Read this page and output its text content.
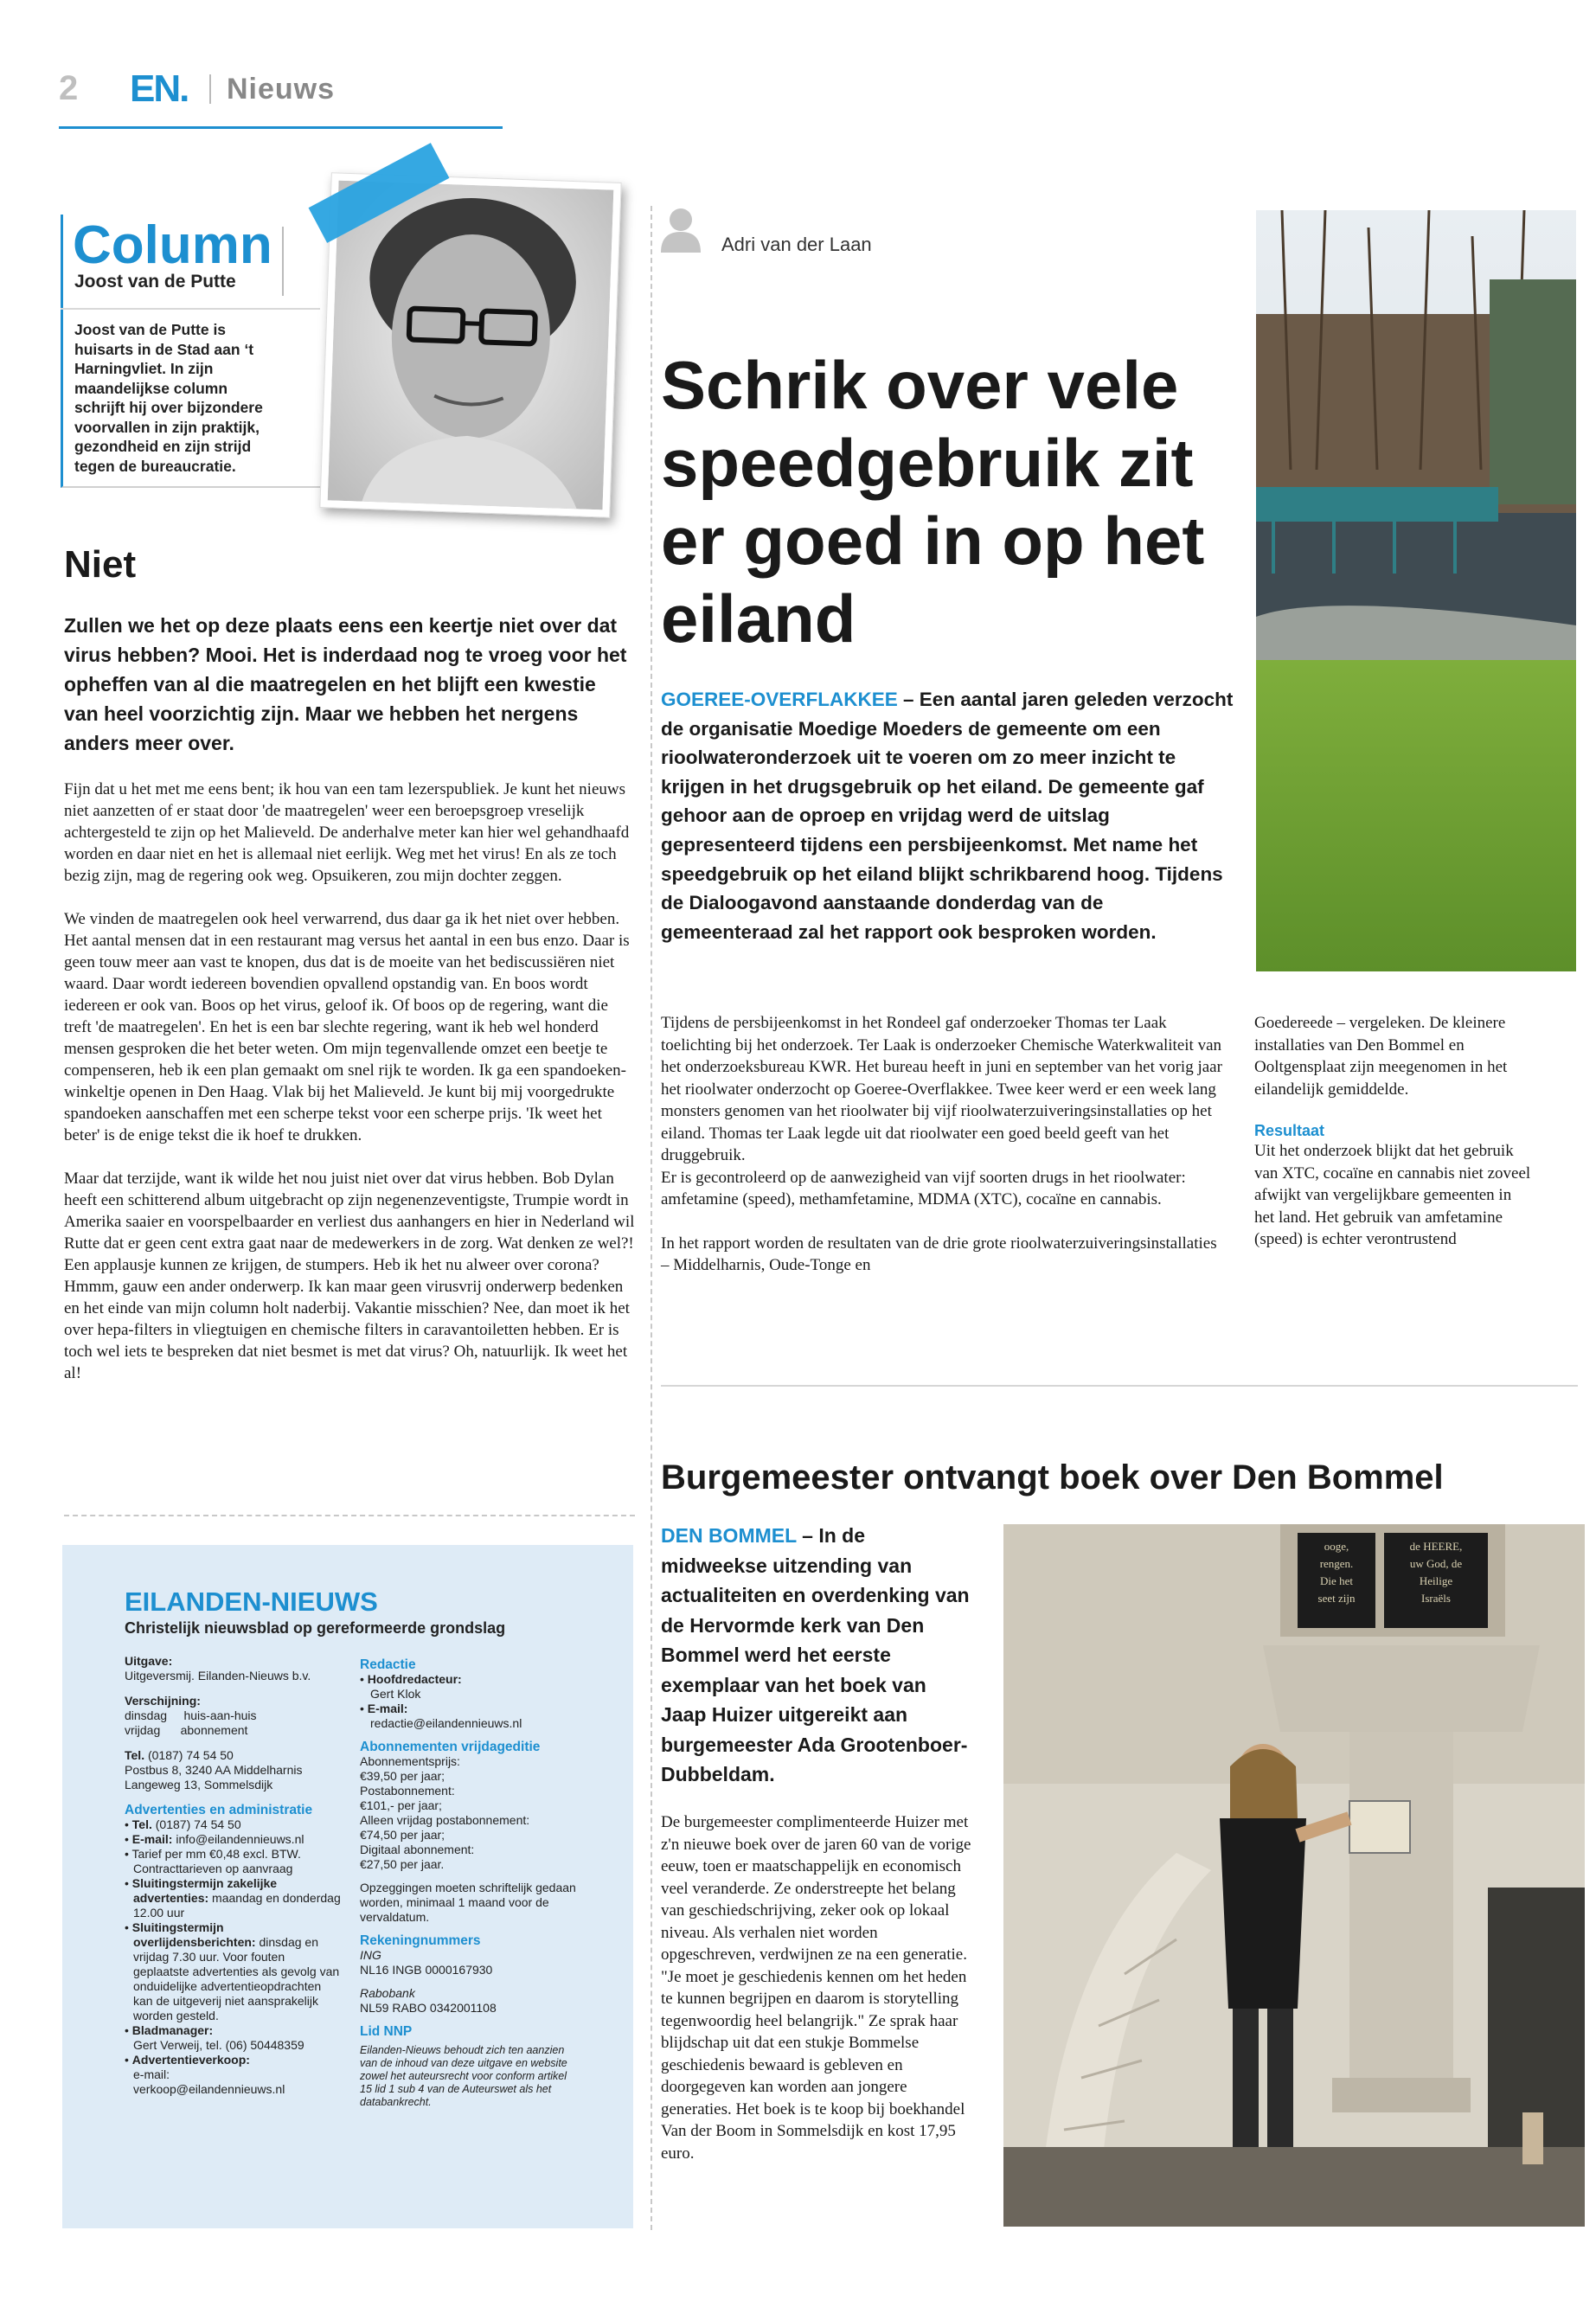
2 EN. Nieuws
Column
Joost van de Putte
Joost van de Putte is huisarts in de Stad aan ‘t Harningvliet. In zijn maandelijkse column schrijft hij over bijzondere voorvallen in zijn praktijk, gezondheid en zijn strijd tegen de bureaucratie.
Niet
Zullen we het op deze plaats eens een keertje niet over dat virus hebben? Mooi. Het is inderdaad nog te vroeg voor het opheffen van al die maatregelen en het blijft een kwestie van heel voorzichtig zijn. Maar we hebben het nergens anders meer over.

Fijn dat u het met me eens bent; ik hou van een tam lezerspubliek. Je kunt het nieuws niet aanzetten of er staat door 'de maatregelen' weer een beroepsgroep vreselijk achtergesteld te zijn op het Malieveld. De anderhalve meter kan hier wel gehandhaafd worden en daar niet en het is allemaal niet eerlijk. Weg met het virus! En als ze toch bezig zijn, mag de regering ook weg. Opsuikeren, zou mijn dochter zeggen.

We vinden de maatregelen ook heel verwarrend, dus daar ga ik het niet over hebben. Het aantal mensen dat in een restaurant mag versus het aantal in een bus enzo. Daar is geen touw meer aan vast te knopen, dus dat is de moeite van het bediscussiëren niet waard. Daar wordt iedereen bovendien opvallend opstandig van. En boos wordt iedereen er ook van. Boos op het virus, geloof ik. Of boos op de regering, want die treft 'de maatregelen'. En het is een bar slechte regering, want ik heb wel honderd mensen gesproken die het beter weten. Om mijn tegenvallende omzet een beetje te compenseren, heb ik een plan gemaakt om snel rijk te worden. Ik ga een spandoeken-winkeltje openen in Den Haag. Vlak bij het Malieveld. Je kunt bij mij voorgedrukte spandoeken aanschaffen met een scherpe tekst voor een scherpe prijs. 'Ik weet het beter' is de enige tekst die ik hoef te drukken.

Maar dat terzijde, want ik wilde het nou juist niet over dat virus hebben. Bob Dylan heeft een schitterend album uitgebracht op zijn negenenzeventigste, Trumpie wordt in Amerika saaier en voorspelbaarder en verliest dus aanhangers en hier in Nederland wil Rutte dat er geen cent extra gaat naar de medewerkers in de zorg. Wat denken ze wel?! Een applausje kunnen ze krijgen, de stumpers. Heb ik het nu alweer over corona? Hmmm, gauw een ander onderwerp. Ik kan maar geen virusvrij onderwerp bedenken en het einde van mijn column holt naderbij. Vakantie misschien? Nee, dan moet ik het over hepa-filters in vliegtuigen en chemische filters in caravantoiletten hebben. Er is toch wel iets te bespreken dat niet besmet is met dat virus? Oh, natuurlijk. Ik weet het al!

EILANDEN-NIEUWS
Christelijk nieuwsblad op gereformeerde grondslag
Uitgave:
Uitgeversmij. Eilanden-Nieuws b.v.
Verschijning:
dinsdag     huis-aan-huis
vrijdag      abonnement
Tel. (0187) 74 54 50
Postbus 8, 3240 AA Middelharnis
Langeweg 13, Sommelsdijk
Advertenties en administratie
• Tel. (0187) 74 54 50
• E-mail: info@eilandennieuws.nl
• Tarief per mm €0,48 excl. BTW. Contracttarieven op aanvraag
• Sluitingstermijn zakelijke advertenties: maandag en donderdag 12.00 uur
• Sluitingstermijn overlijdensberichten: dinsdag en vrijdag 7.30 uur. Voor fouten geplaatste advertenties als gevolg van onduidelijke advertentieopdrachten kan de uitgeverij niet aansprakelijk worden gesteld.
• Bladmanager:
Gert Verweij, tel. (06) 50448359
• Advertentieverkoop:
e-mail:
verkoop@eilandennieuws.nl
Redactie
• Hoofdredacteur:
Gert Klok
• E-mail:
redactie@eilandennieuws.nl
Abonnementen vrijdageditie
Abonnementsprijs:
€39,50 per jaar;
Postabonnement:
€101,- per jaar;
Alleen vrijdag postabonnement:
€74,50 per jaar;
Digitaal abonnement:
€27,50 per jaar.
Opzeggingen moeten schriftelijk gedaan worden, minimaal 1 maand voor de vervaldatum.
Rekeningnummers
ING
NL16 INGB 0000167930
Rabobank
NL59 RABO 0342001108
Lid NNP
Eilanden-Nieuws behoudt zich ten aanzien van de inhoud van deze uitgave en website zowel het auteursrecht voor conform artikel 15 lid 1 sub 4 van de Auteurswet als het databankrecht.
Adri van der Laan
Schrik over vele speedgebruik zit er goed in op het eiland
GOEREE-OVERFLAKKEE – Een aantal jaren geleden verzocht de organisatie Moedige Moeders de gemeente om een rioolwateronderzoek uit te voeren om zo meer inzicht te krijgen in het drugsgebruik op het eiland. De gemeente gaf gehoor aan de oproep en vrijdag werd de uitslag gepresenteerd tijdens een persbijeenkomst. Met name het speedgebruik op het eiland blijkt schrikbarend hoog. Tijdens de Dialoogavond aanstaande donderdag van de gemeenteraad zal het rapport ook besproken worden.

Tijdens de persbijeenkomst in het Rondeel gaf onderzoeker Thomas ter Laak toelichting bij het onderzoek. Ter Laak is onderzoeker Chemische Waterkwaliteit van het onderzoeksbureau KWR. Het bureau heeft in juni en september van het vorig jaar het rioolwater onderzocht op Goeree-Overflakkee. Twee keer werd er een week lang monsters genomen van het rioolwater bij vijf rioolwaterzuiveringsinstallaties op het eiland. Thomas ter Laak legde uit dat rioolwater een goed beeld geeft van het druggebruik.
Er is gecontroleerd op de aanwezigheid van vijf soorten drugs in het rioolwater: amfetamine (speed), methamfetamine, MDMA (XTC), cocaïne en cannabis.

In het rapport worden de resultaten van de drie grote rioolwaterzuiveringsinstallaties – Middelharnis, Oude-Tonge en

Goedereede – vergeleken. De kleinere installaties van Den Bommel en Ooltgensplaat zijn meegenomen in het eilandelijk gemiddelde.
Resultaat
Uit het onderzoek blijkt dat het gebruik van XTC, cocaïne en cannabis niet zoveel afwijkt van vergelijkbare gemeenten in het land. Het gebruik van amfetamine (speed) is echter verontrustend
Burgemeester ontvangt boek over Den Bommel
DEN BOMMEL – In de midweekse uitzending van actualiteiten en overdenking van de Hervormde kerk van Den Bommel werd het eerste exemplaar van het boek van Jaap Huizer uitgereikt aan burgemeester Ada Grootenboer-Dubbeldam.
De burgemeester complimenteerde Huizer met z'n nieuwe boek over de jaren 60 van de vorige eeuw, toen er maatschappelijk en economisch veel veranderde. Ze onderstreepte het belang van geschiedschrijving, zeker ook op lokaal niveau. Als verhalen niet worden opgeschreven, verdwijnen ze na een generatie. "Je moet je geschiedenis kennen om het heden te kunnen begrijpen en daarom is storytelling tegenwoordig heel belangrijk." Ze sprak haar blijdschap uit dat een stukje Bommelse geschiedenis bewaard is gebleven en doorgegeven kan worden aan jongere generaties. Het boek is te koop bij boekhandel Van der Boom in Sommelsdijk en kost 17,95 euro.
ooge,
rengen.
Die het
seet zijn
de HEERE,
uw God, de
Heilige
Israëls
